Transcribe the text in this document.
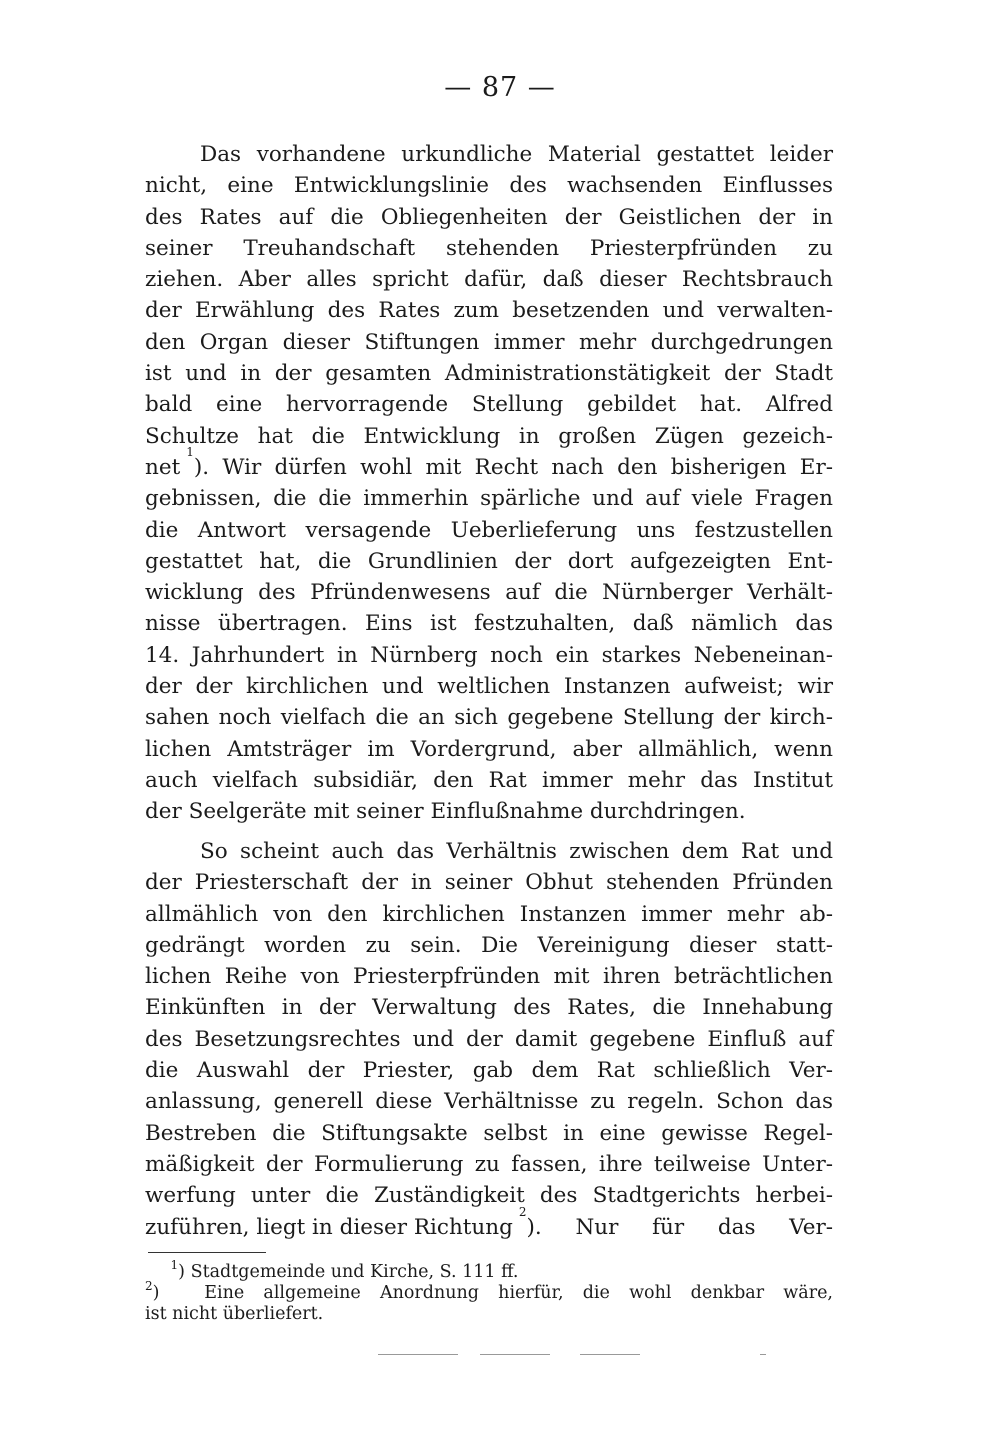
— 87 —
Das vorhandene urkundliche Material gestattet leider
nicht, eine Entwicklungslinie des wachsenden Einflusses
des Rates auf die Obliegenheiten der Geistlichen der in
seiner Treuhandschaft stehenden Priesterpfründen zu
ziehen. Aber alles spricht dafür, daß dieser Rechtsbrauch
der Erwählung des Rates zum besetzenden und verwalten-
den Organ dieser Stiftungen immer mehr durchgedrungen
ist und in der gesamten Administrationstätigkeit der Stadt
bald eine hervorragende Stellung gebildet hat. Alfred
Schultze hat die Entwicklung in großen Zügen gezeich-
net
1
). Wir dürfen wohl mit Recht nach den bisherigen Er-
gebnissen, die die immerhin spärliche und auf viele Fragen
die Antwort versagende Ueberlieferung uns festzustellen
gestattet hat, die Grundlinien der dort aufgezeigten Ent-
wicklung des Pfründenwesens auf die Nürnberger Verhält-
nisse übertragen. Eins ist festzuhalten, daß nämlich das
14. Jahrhundert in Nürnberg noch ein starkes Nebeneinan-
der der kirchlichen und weltlichen Instanzen aufweist; wir
sahen noch vielfach die an sich gegebene Stellung der kirch-
lichen Amtsträger im Vordergrund, aber allmählich, wenn
auch vielfach subsidiär, den Rat immer mehr das Institut
der Seelgeräte mit seiner Einflußnahme durchdringen.
So scheint auch das Verhältnis zwischen dem Rat und
der Priesterschaft der in seiner Obhut stehenden Pfründen
allmählich von den kirchlichen Instanzen immer mehr ab-
gedrängt worden zu sein. Die Vereinigung dieser statt-
lichen Reihe von Priesterpfründen mit ihren beträchtlichen
Einkünften in der Verwaltung des Rates, die Innehabung
des Besetzungsrechtes und der damit gegebene Einfluß auf
die Auswahl der Priester, gab dem Rat schließlich Ver-
anlassung, generell diese Verhältnisse zu regeln. Schon das
Bestreben die Stiftungsakte selbst in eine gewisse Regel-
mäßigkeit der Formulierung zu fassen, ihre teilweise Unter-
werfung unter die Zuständigkeit des Stadtgerichts herbei-
zuführen, liegt in dieser Richtung
2
). Nur für das Ver-
$^1$) Stadtgemeinde und Kirche, S. 111 ff.
$^2$)	Eine allgemeine Anordnung hierfür, die wohl denkbar wäre,
ist nicht überliefert.
